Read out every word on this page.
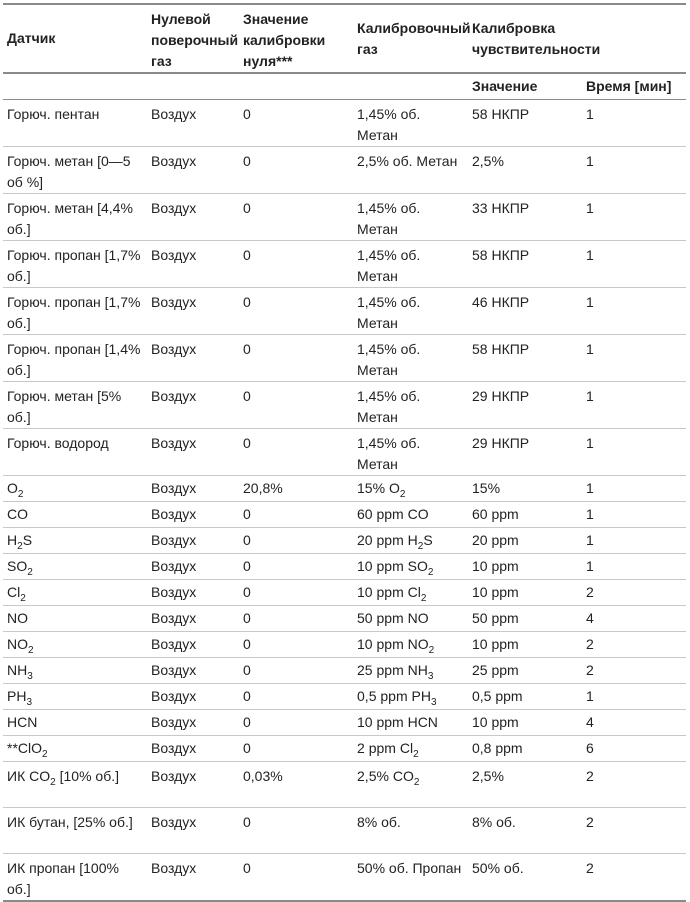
Датчик	Нулевой поверочный газ	Значение калибровки нуля***	Калибровочный газ	Калибровка чувствительности	
				Значение	Время [мин]
Горюч. пентан	Воздух	0	1,45% об. Метан	58 НКПР	1
Горюч. метан [0—5 об %]	Воздух	0	2,5% об. Метан	2,5%	1
Горюч. метан [4,4% об.]	Воздух	0	1,45% об. Метан	33 НКПР	1
Горюч. пропан [1,7% об.]	Воздух	0	1,45% об. Метан	58 НКПР	1
Горюч. пропан [1,7% об.]	Воздух	0	1,45% об. Метан	46 НКПР	1
Горюч. пропан [1,4% об.]	Воздух	0	1,45% об. Метан	58 НКПР	1
Горюч. метан [5% об.]	Воздух	0	1,45% об. Метан	29 НКПР	1
Горюч. водород	Воздух	0	1,45% об. Метан	29 НКПР	1
$O_2$	Воздух	20,8%	15% $O_2$	15%	1
CO	Воздух	0	60 ppm CO	60 ppm	1
$H_2S$	Воздух	0	20 ppm $H_2S$	20 ppm	1
$SO_2$	Воздух	0	10 ppm $SO_2$	10 ppm	1
$Cl_2$	Воздух	0	10 ppm $Cl_2$	10 ppm	2
NO	Воздух	0	50 ppm NO	50 ppm	4
$NO_2$	Воздух	0	10 ppm $NO_2$	10 ppm	2
$NH_3$	Воздух	0	25 ppm $NH_3$	25 ppm	2
$PH_3$	Воздух	0	0,5 ppm $PH_3$	0,5 ppm	1
HCN	Воздух	0	10 ppm HCN	10 ppm	4
**ClO$_2$	Воздух	0	2 ppm $Cl_2$	0,8 ppm	6
ИК $CO_2$ [10% об.]	Воздух	0,03%	2,5% $CO_2$	2,5%	2
ИК бутан, [25% об.]	Воздух	0	8% об.	8% об.	2
ИК пропан [100% об.]	Воздух	0	50% об. Пропан	50% об.	2
